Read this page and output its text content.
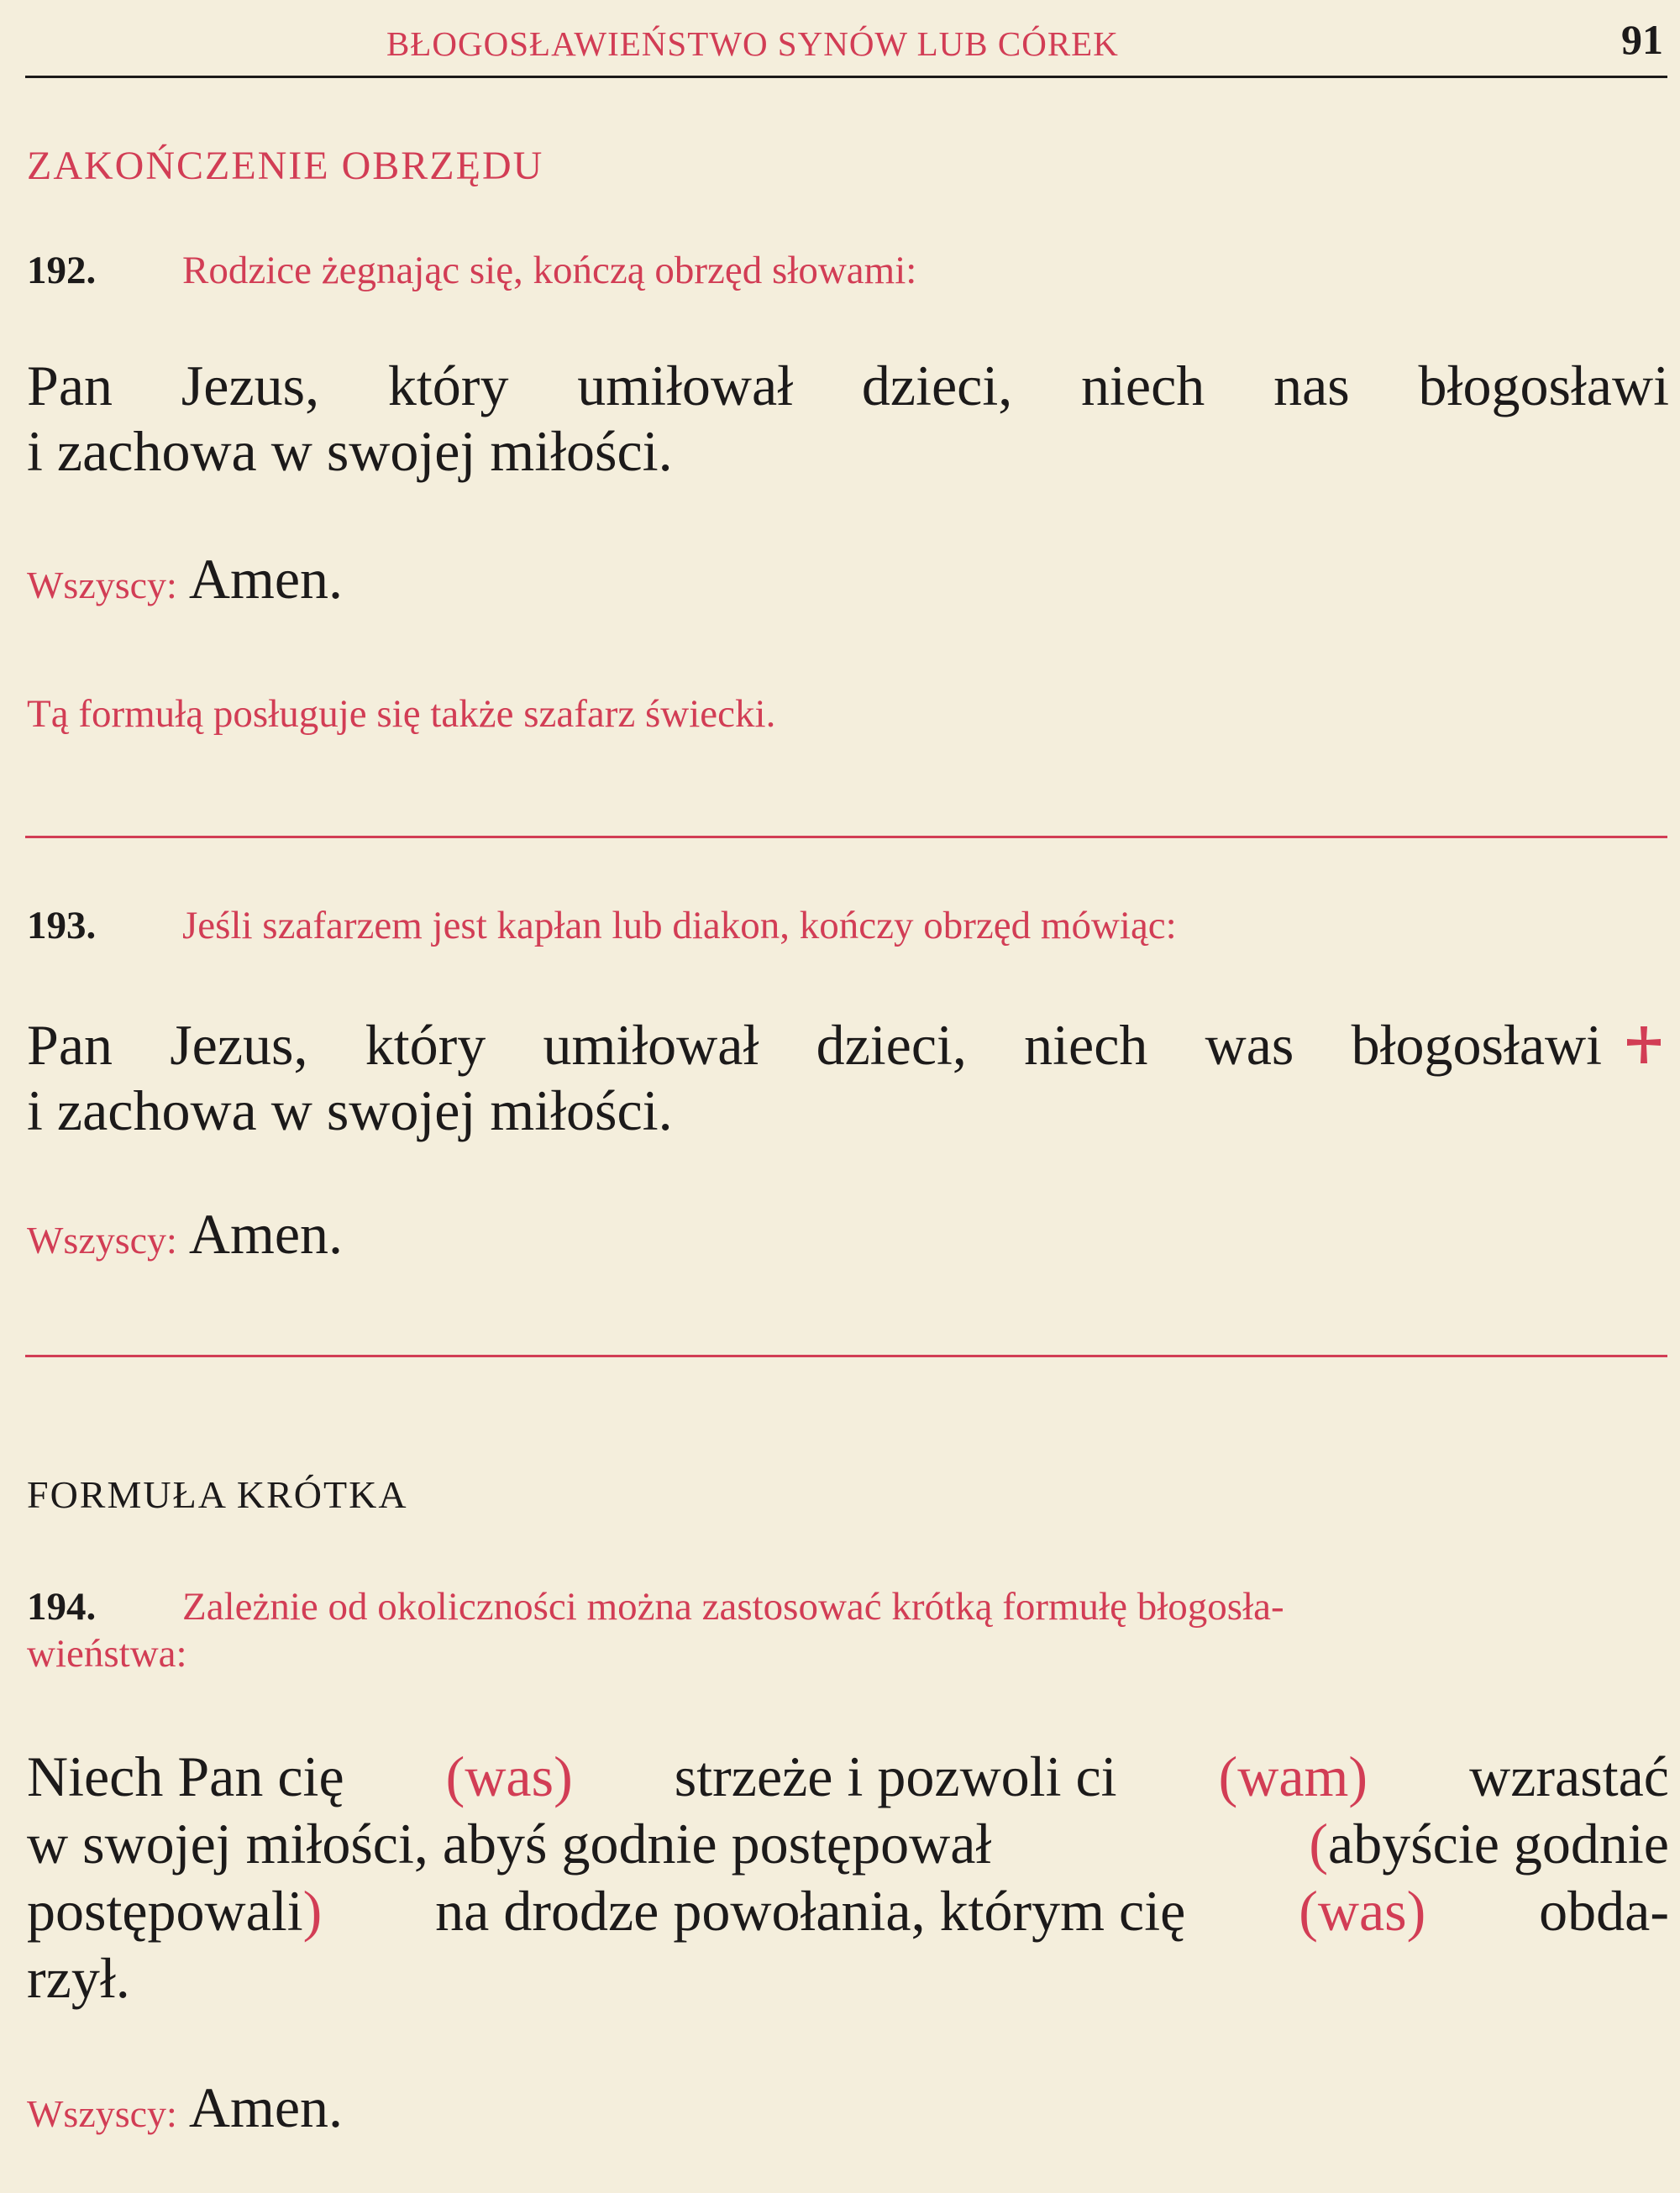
BŁOGOSŁAWIEŃSTWO SYNÓW LUB CÓREK	91
ZAKOŃCZENIE OBRZĘDU
192. Rodzice żegnając się, kończą obrzęd słowami:
Pan Jezus, który umiłował dzieci, niech nas błogosławi
i zachowa w swojej miłości.
Wszyscy: Amen.
Tą formułą posługuje się także szafarz świecki.
193. Jeśli szafarzem jest kapłan lub diakon, kończy obrzęd mówiąc:
Pan Jezus, który umiłował dzieci, niech was błogosławi
i zachowa w swojej miłości.
Wszyscy: Amen.
FORMUŁA KRÓTKA
194. Zależnie od okoliczności można zastosować krótką formułę błogosła-
wieństwa:
Niech Pan cię (was) strzeże i pozwoli ci (wam) wzrastać
w swojej miłości, abyś godnie postępował	( abyście godnie
postępowali ) na drodze powołania, którym cię (was) obda-
rzył.
Wszyscy: Amen.
